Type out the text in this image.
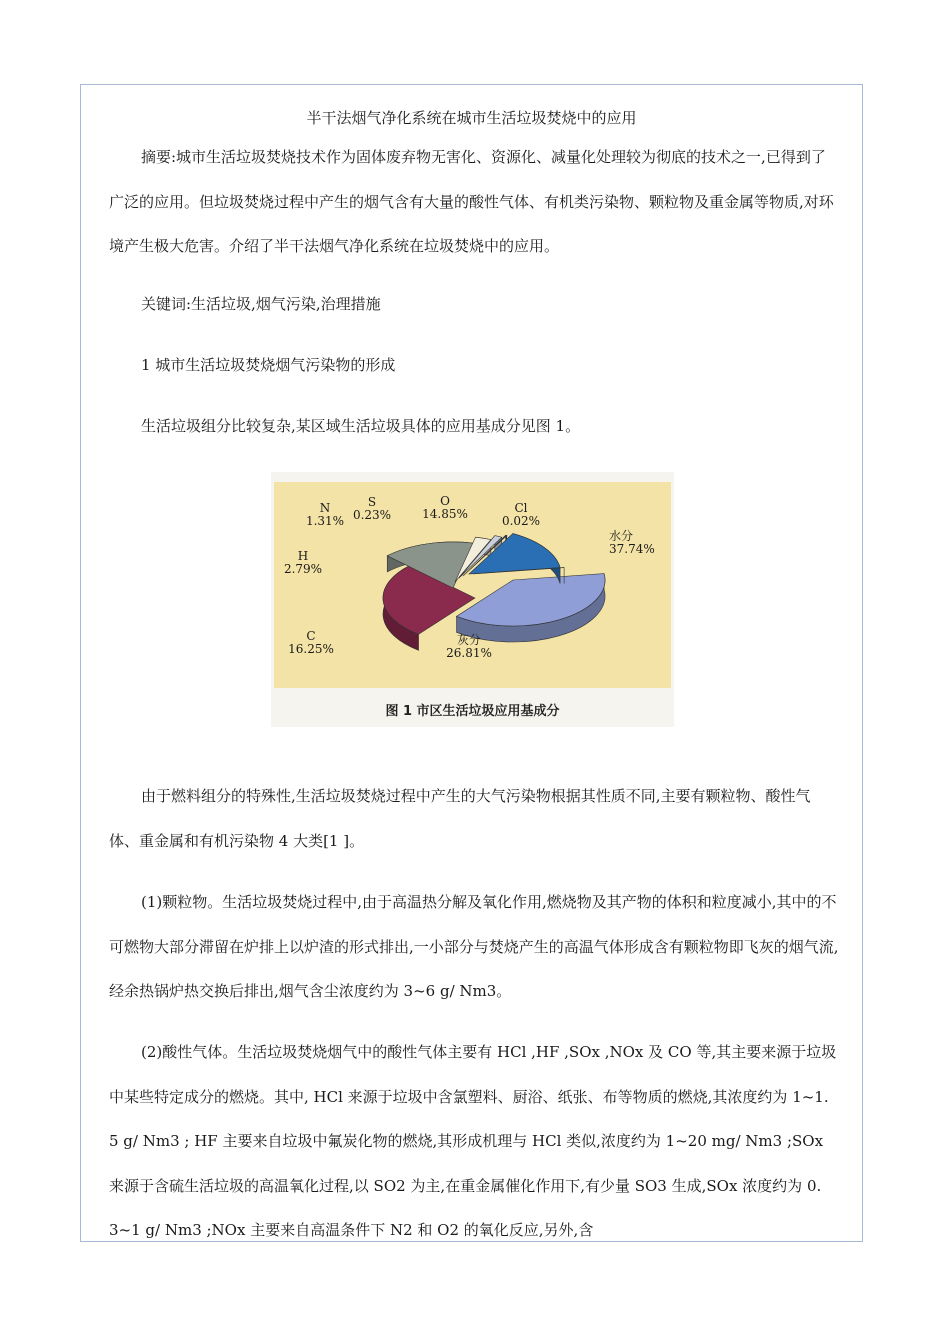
半干法烟气净化系统在城市生活垃圾焚烧中的应用

摘要:城市生活垃圾焚烧技术作为固体废弃物无害化、资源化、减量化处理较为彻底的技术之一,已得到了广泛的应用。但垃圾焚烧过程中产生的烟气含有大量的酸性气体、有机类污染物、颗粒物及重金属等物质,对环境产生极大危害。介绍了半干法烟气净化系统在垃圾焚烧中的应用。

关键词:生活垃圾,烟气污染,治理措施
1 城市生活垃圾焚烧烟气污染物的形成
生活垃圾组分比较复杂,某区域生活垃圾具体的应用基成分见图 1。
水分
37.74%
灰分
26.81%
C
16.25%
H
2.79%
N
1.31%
S
0.23%
O
14.85%	Cl
0.02%
图 1 市区生活垃圾应用基成分

由于燃料组分的特殊性,生活垃圾焚烧过程中产生的大气污染物根据其性质不同,主要有颗粒物、酸性气体、重金属和有机污染物 4 大类[1 ]。

(1)颗粒物。生活垃圾焚烧过程中,由于高温热分解及氧化作用,燃烧物及其产物的体积和粒度减小,其中的不可燃物大部分滞留在炉排上以炉渣的形式排出,一小部分与焚烧产生的高温气体形成含有颗粒物即飞灰的烟气流,经余热锅炉热交换后排出,烟气含尘浓度约为 3~6 g/ Nm3。

(2)酸性气体。生活垃圾焚烧烟气中的酸性气体主要有 HCl ,HF ,SOx ,NOx 及 CO 等,其主要来源于垃圾中某些特定成分的燃烧。其中, HCl 来源于垃圾中含氯塑料、厨浴、纸张、布等物质的燃烧,其浓度约为 1~1. 5 g/ Nm3 ; HF 主要来自垃圾中氟炭化物的燃烧,其形成机理与 HCl 类似,浓度约为 1~20 mg/ Nm3 ;SOx 来源于含硫生活垃圾的高温氧化过程,以 SO2 为主,在重金属催化作用下,有少量 SO3 生成,SOx 浓度约为 0. 3~1 g/ Nm3 ;NOx 主要来自高温条件下 N2 和 O2 的氧化反应,另外,含
